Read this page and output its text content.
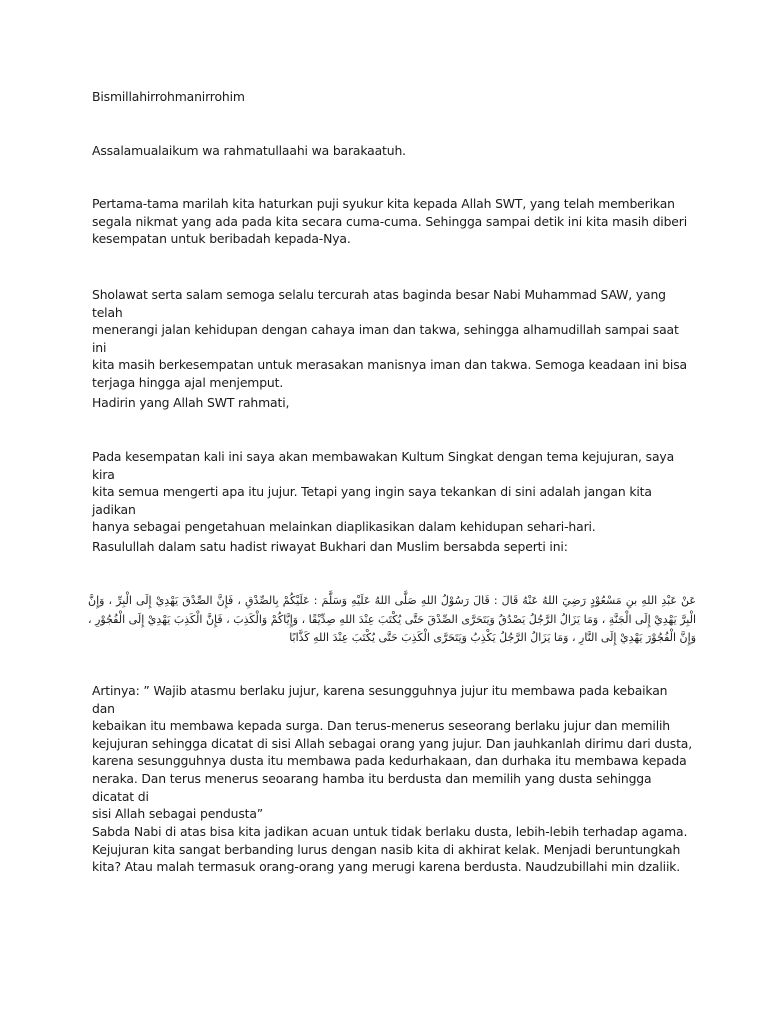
Bismillahirrohmanirrohim

Assalamualaikum wa rahmatullaahi wa barakaatuh.

Pertama-tama marilah kita haturkan puji syukur kita kepada Allah SWT, yang telah memberikan
segala nikmat yang ada pada kita secara cuma-cuma. Sehingga sampai detik ini kita masih diberi
kesempatan untuk beribadah kepada-Nya.

Sholawat serta salam semoga selalu tercurah atas baginda besar Nabi Muhammad SAW, yang telah
menerangi jalan kehidupan dengan cahaya iman dan takwa, sehingga alhamudillah sampai saat ini
kita masih berkesempatan untuk merasakan manisnya iman dan takwa. Semoga keadaan ini bisa
terjaga hingga ajal menjemput.

Hadirin yang Allah SWT rahmati,

Pada kesempatan kali ini saya akan membawakan Kultum Singkat dengan tema kejujuran, saya kira
kita semua mengerti apa itu jujur. Tetapi yang ingin saya tekankan di sini adalah jangan kita jadikan
hanya sebagai pengetahuan melainkan diaplikasikan dalam kehidupan sehari-hari.

Rasulullah dalam satu hadist riwayat Bukhari dan Muslim bersabda seperti ini:

عَنْ عَبْدِ اللهِ بنِ مَسْعُوْدٍ رَضِيَ اللهُ عَنْهُ قَالَ : قَالَ رَسُوْلُ اللهِ صَلَّى اللهُ عَلَيْهِ وَسَلَّمَ : عَلَيْكُمْ بِالصِّدْقِ ، فَإِنَّ الصِّدْقَ يَهْدِيْ إِلَى الْبِرِّ ، وَإِنَّ الْبِرَّ يَهْدِيْ إِلَى الْجَنَّةِ ، وَمَا يَزَالُ الرَّجُلُ يَصْدُقُ وَيَتَحَرَّى الصِّدْقَ حَتَّى يُكْتَبَ عِنْدَ اللهِ صِدِّيْقًا ، وَإِيَّاكُمْ وَالْكَذِبَ ، فَإِنَّ الْكَذِبَ يَهْدِيْ إِلَى الْفُجُوْرِ ، وَإِنَّ الْفُجُوْرَ يَهْدِيْ إِلَى النَّارِ ، وَمَا يَزَالُ الرَّجُلُ يَكْذِبُ وَيَتَحَرَّى الْكَذِبَ حَتَّى يُكْتَبَ عِنْدَ اللهِ كَذَّابًا

Artinya: ” Wajib atasmu berlaku jujur, karena sesungguhnya jujur itu membawa pada kebaikan dan
kebaikan itu membawa kepada surga. Dan terus-menerus seseorang berlaku jujur dan memilih
kejujuran sehingga dicatat di sisi Allah sebagai orang yang jujur. Dan jauhkanlah dirimu dari dusta,
karena sesungguhnya dusta itu membawa pada kedurhakaan, dan durhaka itu membawa kepada
neraka. Dan terus menerus seoarang hamba itu berdusta dan memilih yang dusta sehingga dicatat di
sisi Allah sebagai pendusta”

Sabda Nabi di atas bisa kita jadikan acuan untuk tidak berlaku dusta, lebih-lebih terhadap agama.
Kejujuran kita sangat berbanding lurus dengan nasib kita di akhirat kelak. Menjadi beruntungkah
kita? Atau malah termasuk orang-orang yang merugi karena berdusta. Naudzubillahi min dzaliik.
